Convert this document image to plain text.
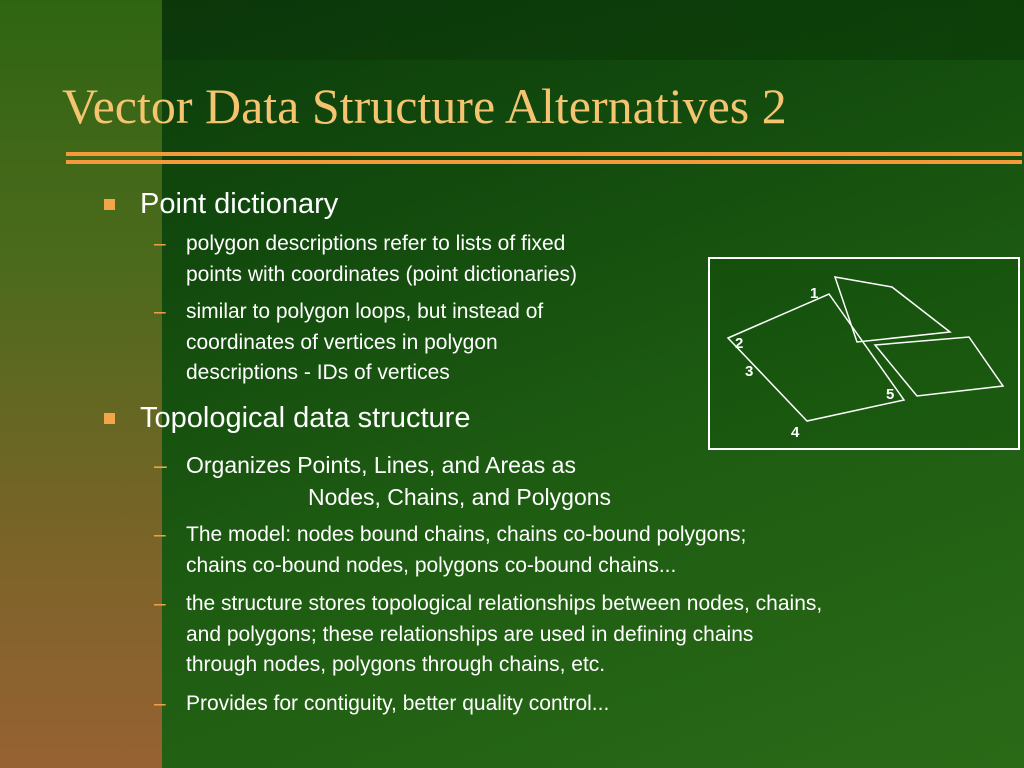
Vector Data Structure Alternatives 2
Point dictionary
– polygon descriptions refer to lists of fixed
points with coordinates (point dictionaries)
– similar to polygon loops, but instead of
coordinates of vertices in polygon
descriptions - IDs of vertices
Topological data structure
– Organizes Points, Lines, and Areas as
Nodes, Chains, and Polygons
– The model: nodes bound chains, chains co-bound polygons;
chains co-bound nodes, polygons co-bound chains...
– the structure stores topological relationships between nodes, chains,
and polygons; these relationships are used in defining chains
through nodes, polygons through chains, etc.
– Provides for contiguity, better quality control...
1
2
3
4
5
